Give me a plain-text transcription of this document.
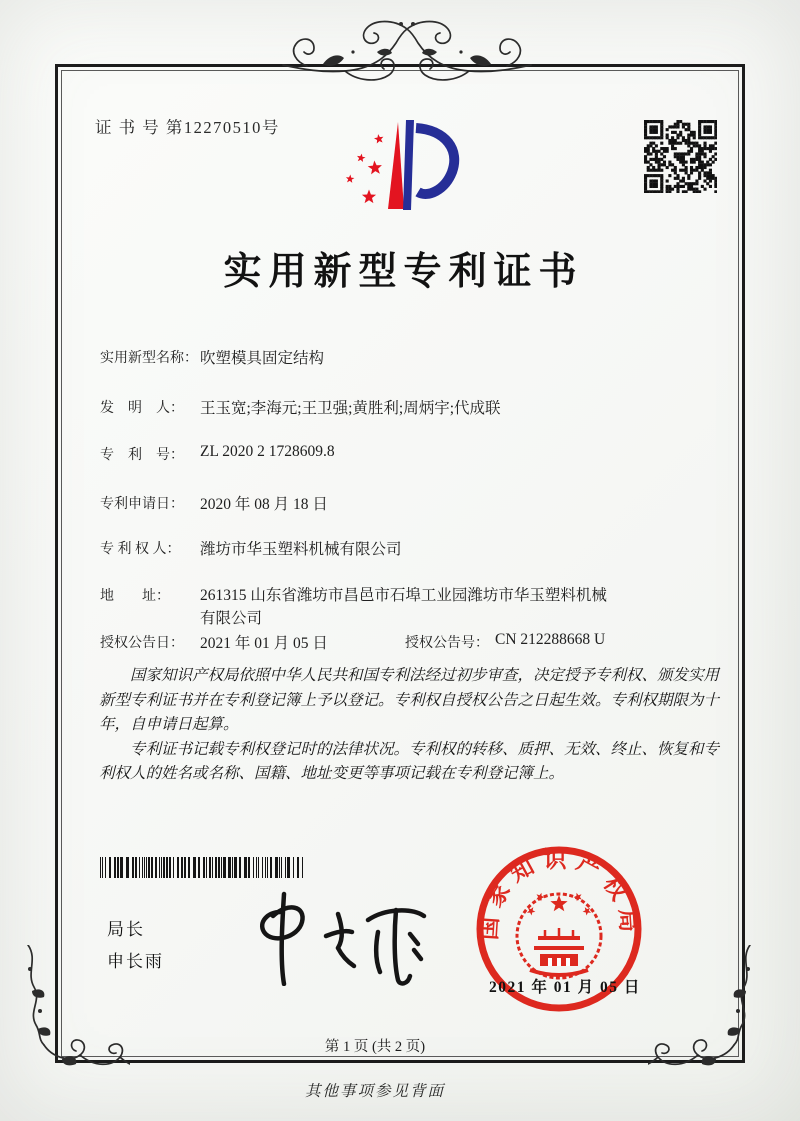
证 书 号 第12270510号
实用新型专利证书
实用新型名称： 吹塑模具固定结构
发　明　人：	王玉宽;李海元;王卫强;黄胜利;周炳宇;代成联
专　利　号：	ZL 2020 2 1728609.8
专利申请日：	2020 年 08 月 18 日
专 利 权 人：	潍坊市华玉塑料机械有限公司
地　　址：	261315 山东省潍坊市昌邑市石埠工业园潍坊市华玉塑料机械有限公司
授权公告日：	2021 年 01 月 05 日	授权公告号： CN 212288668 U

国家知识产权局依照中华人民共和国专利法经过初步审查，决定授予专利权、颁发实用新型专利证书并在专利登记簿上予以登记。专利权自授权公告之日起生效。专利权期限为十年，自申请日起算。

专利证书记载专利权登记时的法律状况。专利权的转移、质押、无效、终止、恢复和专利权人的姓名或名称、国籍、地址变更等事项记载在专利登记簿上。

局长
申长雨
国家知识产权局
2021 年 01 月 05 日
第 1 页 (共 2 页)
其他事项参见背面
